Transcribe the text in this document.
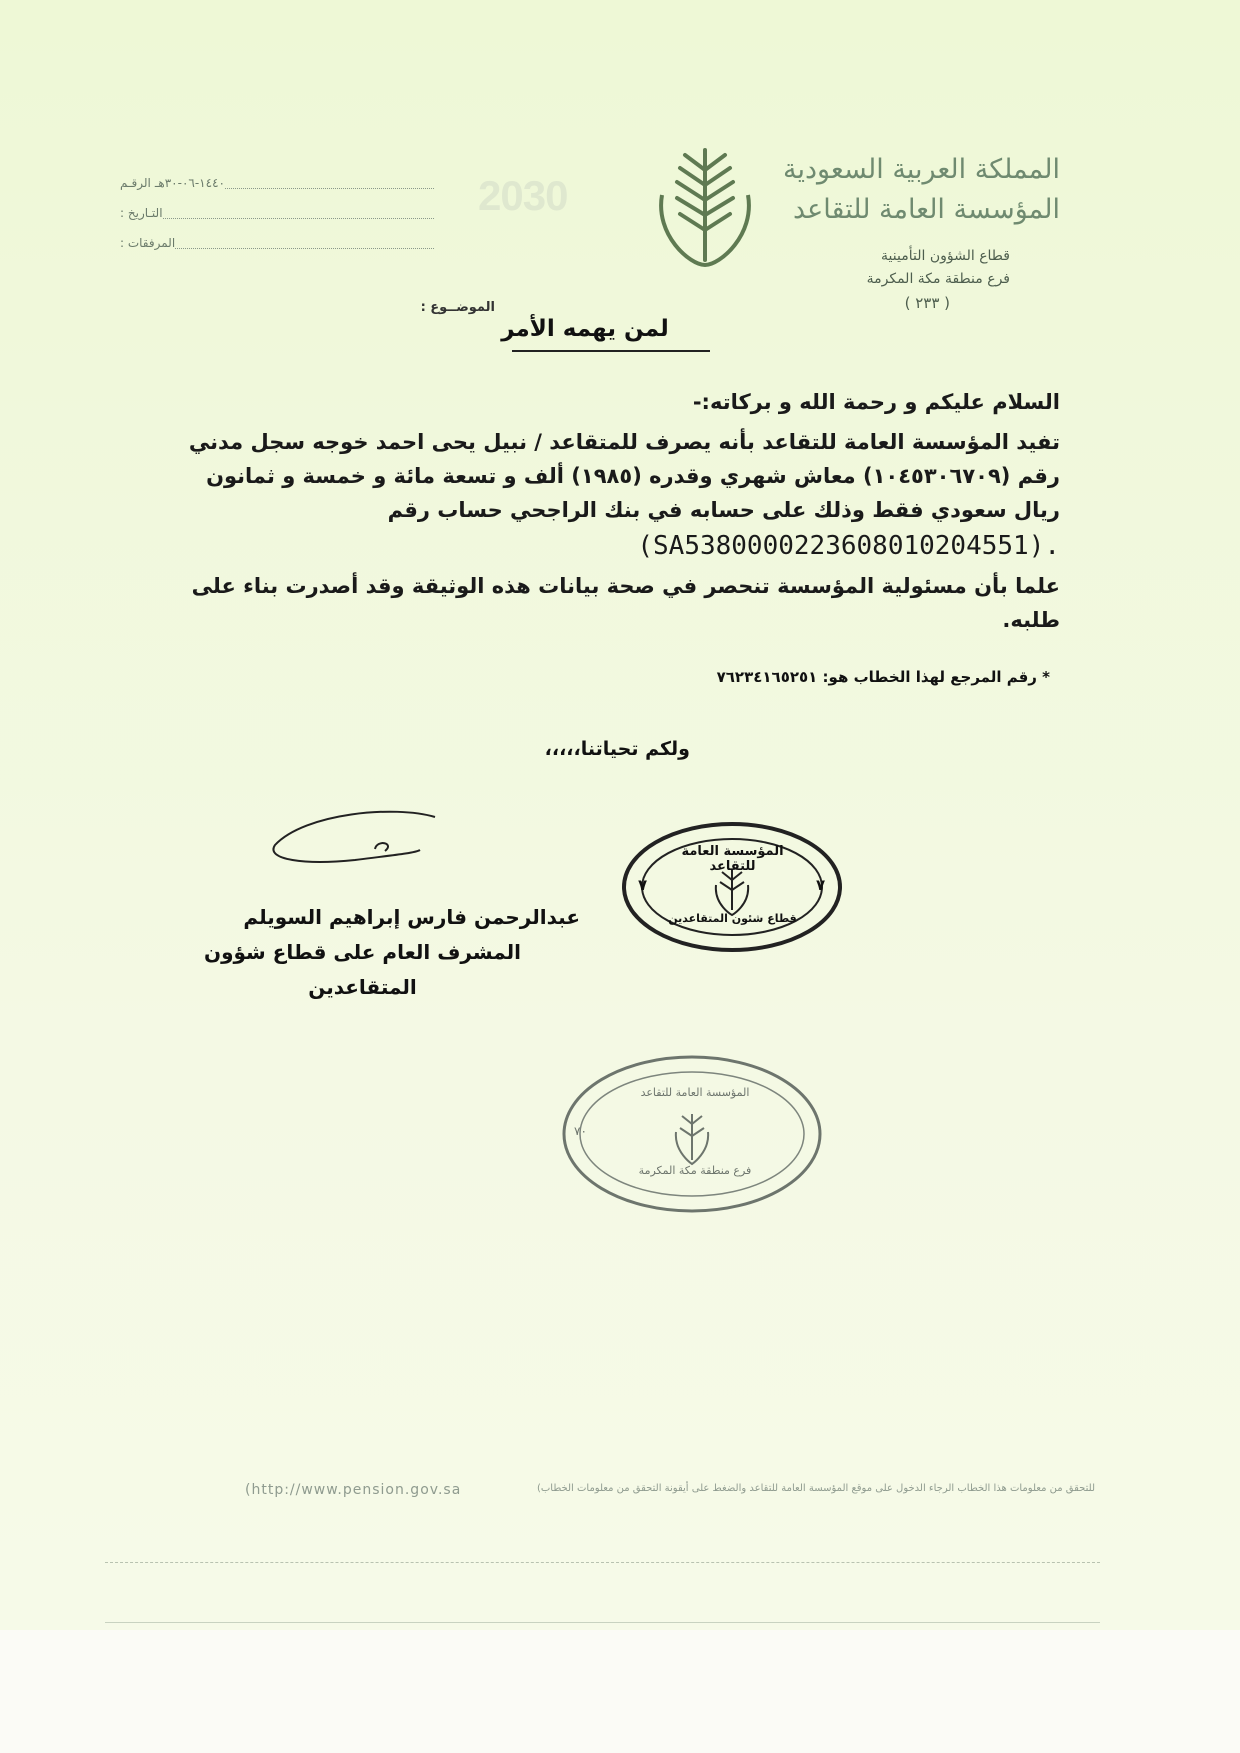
المملكة العربية السعودية
المؤسسة العامة للتقاعد
قطاع الشؤون التأمينية
فرع منطقة مكة المكرمة
( ٢٣٣ )
2030
الرقـم ١٤٤٠-٠٦-٣٠هـ
التـاريخ :
المرفقات :
الموضــوع :
لمن يهمه الأمر
السلام عليكم و رحمة الله و بركاته:-
تفيد المؤسسة العامة للتقاعد بأنه يصرف للمتقاعد / نبيل يحى احمد خوجه سجل مدني رقم (١٠٤٥٣٠٦٧٠٩) معاش شهري وقدره (١٩٨٥) ألف و تسعة مائة و خمسة و ثمانون ريال سعودي فقط وذلك على حسابه في بنك الراجحي حساب رقم
(SA5380000223608010204551).
علما بأن مسئولية المؤسسة تنحصر في صحة بيانات هذه الوثيقة وقد أصدرت بناء على طلبه.
* رقم المرجع لهذا الخطاب هو: ٧٦٢٣٤١٦٥٢٥١
ولكم تحياتنا،،،،،
المؤسسة العامة للتقاعد
قطاع شئون المتقاعدين
٧	٧
عبدالرحمن فارس إبراهيم السويلم
المشرف العام على قطاع شؤون المتقاعدين
المؤسسة العامة للتقاعد
فرع منطقة مكة المكرمة
٧٠
(http://www.pension.gov.sa	للتحقق من معلومات هذا الخطاب الرجاء الدخول على موقع المؤسسة العامة للتقاعد والضغط على أيقونة التحقق من معلومات الخطاب)
